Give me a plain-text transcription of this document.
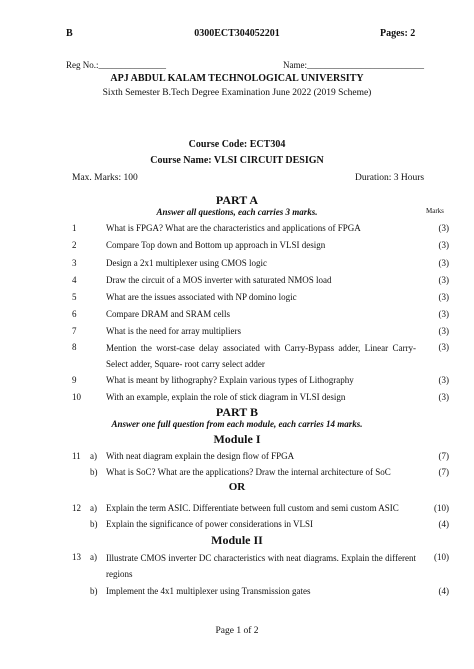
B	0300ECT304052201	Pages: 2
Reg No.:_______________	Name:__________________________
APJ ABDUL KALAM TECHNOLOGICAL UNIVERSITY
Sixth Semester B.Tech Degree Examination June 2022 (2019 Scheme)
Course Code: ECT304
Course Name: VLSI CIRCUIT DESIGN
Max. Marks: 100	Duration: 3 Hours
PART A
Answer all questions, each carries 3 marks.	Marks
1	What is FPGA? What are the characteristics and applications of FPGA	(3)
2	Compare Top down and Bottom up approach in VLSI design	(3)
3	Design a 2x1 multiplexer using CMOS logic	(3)
4	Draw the circuit of a MOS inverter with saturated NMOS load	(3)
5	What are the issues associated with NP domino logic	(3)
6	Compare DRAM and SRAM cells	(3)
7	What is the need for array multipliers	(3)
8	Mention the worst-case delay associated with Carry-Bypass adder, Linear Carry-Select adder, Square- root carry select adder
(3)
9	What is meant by lithography? Explain various types of Lithography	(3)
10	With an example, explain the role of stick diagram in VLSI design	(3)
PART B
Answer one full question from each module, each carries 14 marks.
Module I
11	a)	With neat diagram explain the design flow of FPGA	(7)
b) What is SoC? What are the applications? Draw the internal architecture of SoC	(7)
OR
12	a)	Explain the term ASIC. Differentiate between full custom and semi custom ASIC	(10)
b) Explain the significance of power considerations in VLSI	(4)
Module II
13	a)	Illustrate CMOS inverter DC characteristics with neat diagrams. Explain the different regions
(10)
b) Implement the 4x1 multiplexer using Transmission gates	(4)
Page 1 of 2
